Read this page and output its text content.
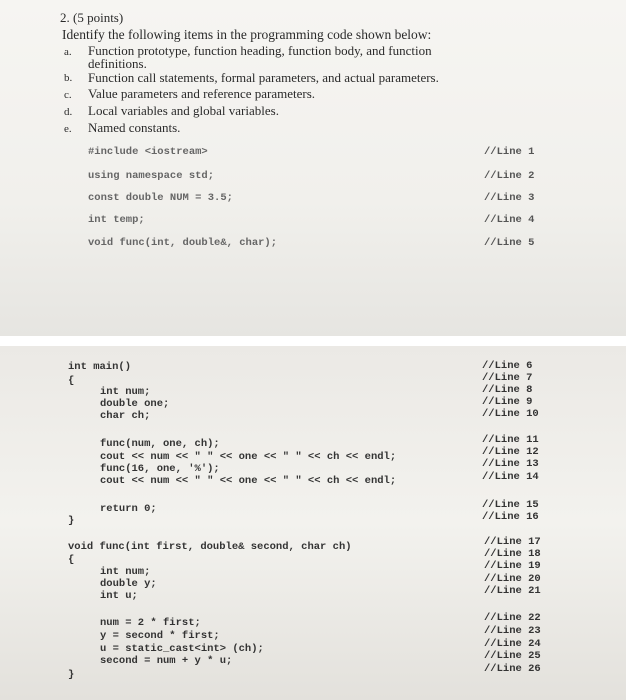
2. (5 points)
Identify the following items in the programming code shown below:
a. Function prototype, function heading, function body, and function
definitions.
b. Function call statements, formal parameters, and actual parameters.
c. Value parameters and reference parameters.
d. Local variables and global variables.
e. Named constants.
#include <iostream>	//Line 1
using namespace std;	//Line 2
const double NUM = 3.5;	//Line 3
int temp;	//Line 4
void func(int, double&, char);	//Line 5
int main()	//Line 6
{	//Line 7
int num;	//Line 8
double one;	//Line 9
char ch;	//Line 10
func(num, one, ch);	//Line 11
cout << num << " " << one << " " << ch << endl;	//Line 12
func(16, one, '%');	//Line 13
cout << num << " " << one << " " << ch << endl;	//Line 14
return 0;	//Line 15
}	//Line 16
void func(int first, double& second, char ch)	//Line 17
{	//Line 18
int num;	//Line 19
double y;	//Line 20
int u;	//Line 21
num = 2 * first;	//Line 22
y = second * first;	//Line 23
u = static_cast<int> (ch);	//Line 24
second = num + y * u;	//Line 25
}	//Line 26
